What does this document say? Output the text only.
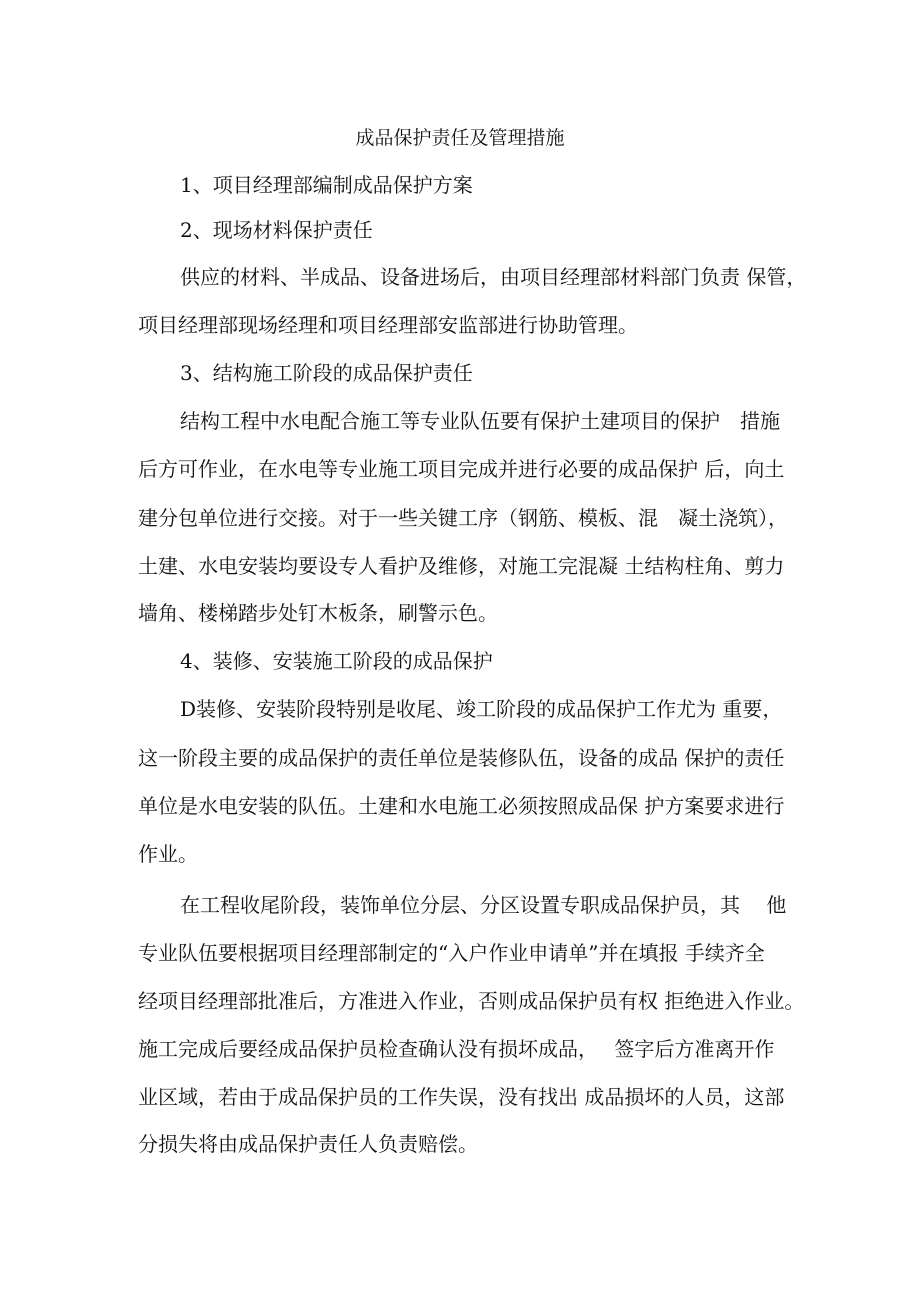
成品保护责任及管理措施

1、项目经理部编制成品保护方案

2、现场材料保护责任

供应的材料、半成品、设备进场后，由项目经理部材料部门负责 保管，

项目经理部现场经理和项目经理部安监部进行协助管理。

3、结构施工阶段的成品保护责任

结构工程中水电配合施工等专业队伍要有保护土建项目的保护　措施

后方可作业，在水电等专业施工项目完成并进行必要的成品保护 后，向土

建分包单位进行交接。对于一些关键工序（钢筋、模板、混　凝土浇筑），

土建、水电安装均要设专人看护及维修，对施工完混凝 土结构柱角、剪力

墙角、楼梯踏步处钉木板条，刷警示色。

4、装修、安装施工阶段的成品保护

D装修、安装阶段特别是收尾、竣工阶段的成品保护工作尤为 重要，

这一阶段主要的成品保护的责任单位是装修队伍，设备的成品 保护的责任

单位是水电安装的队伍。土建和水电施工必须按照成品保 护方案要求进行

作业。

在工程收尾阶段，装饰单位分层、分区设置专职成品保护员，其　 他

专业队伍要根据项目经理部制定的“入户作业申请单”并在填报 手续齐全

经项目经理部批准后，方准进入作业，否则成品保护员有权 拒绝进入作业。

施工完成后要经成品保护员检查确认没有损坏成品，　 签字后方准离开作

业区域，若由于成品保护员的工作失误，没有找出 成品损坏的人员，这部

分损失将由成品保护责任人负责赔偿。
